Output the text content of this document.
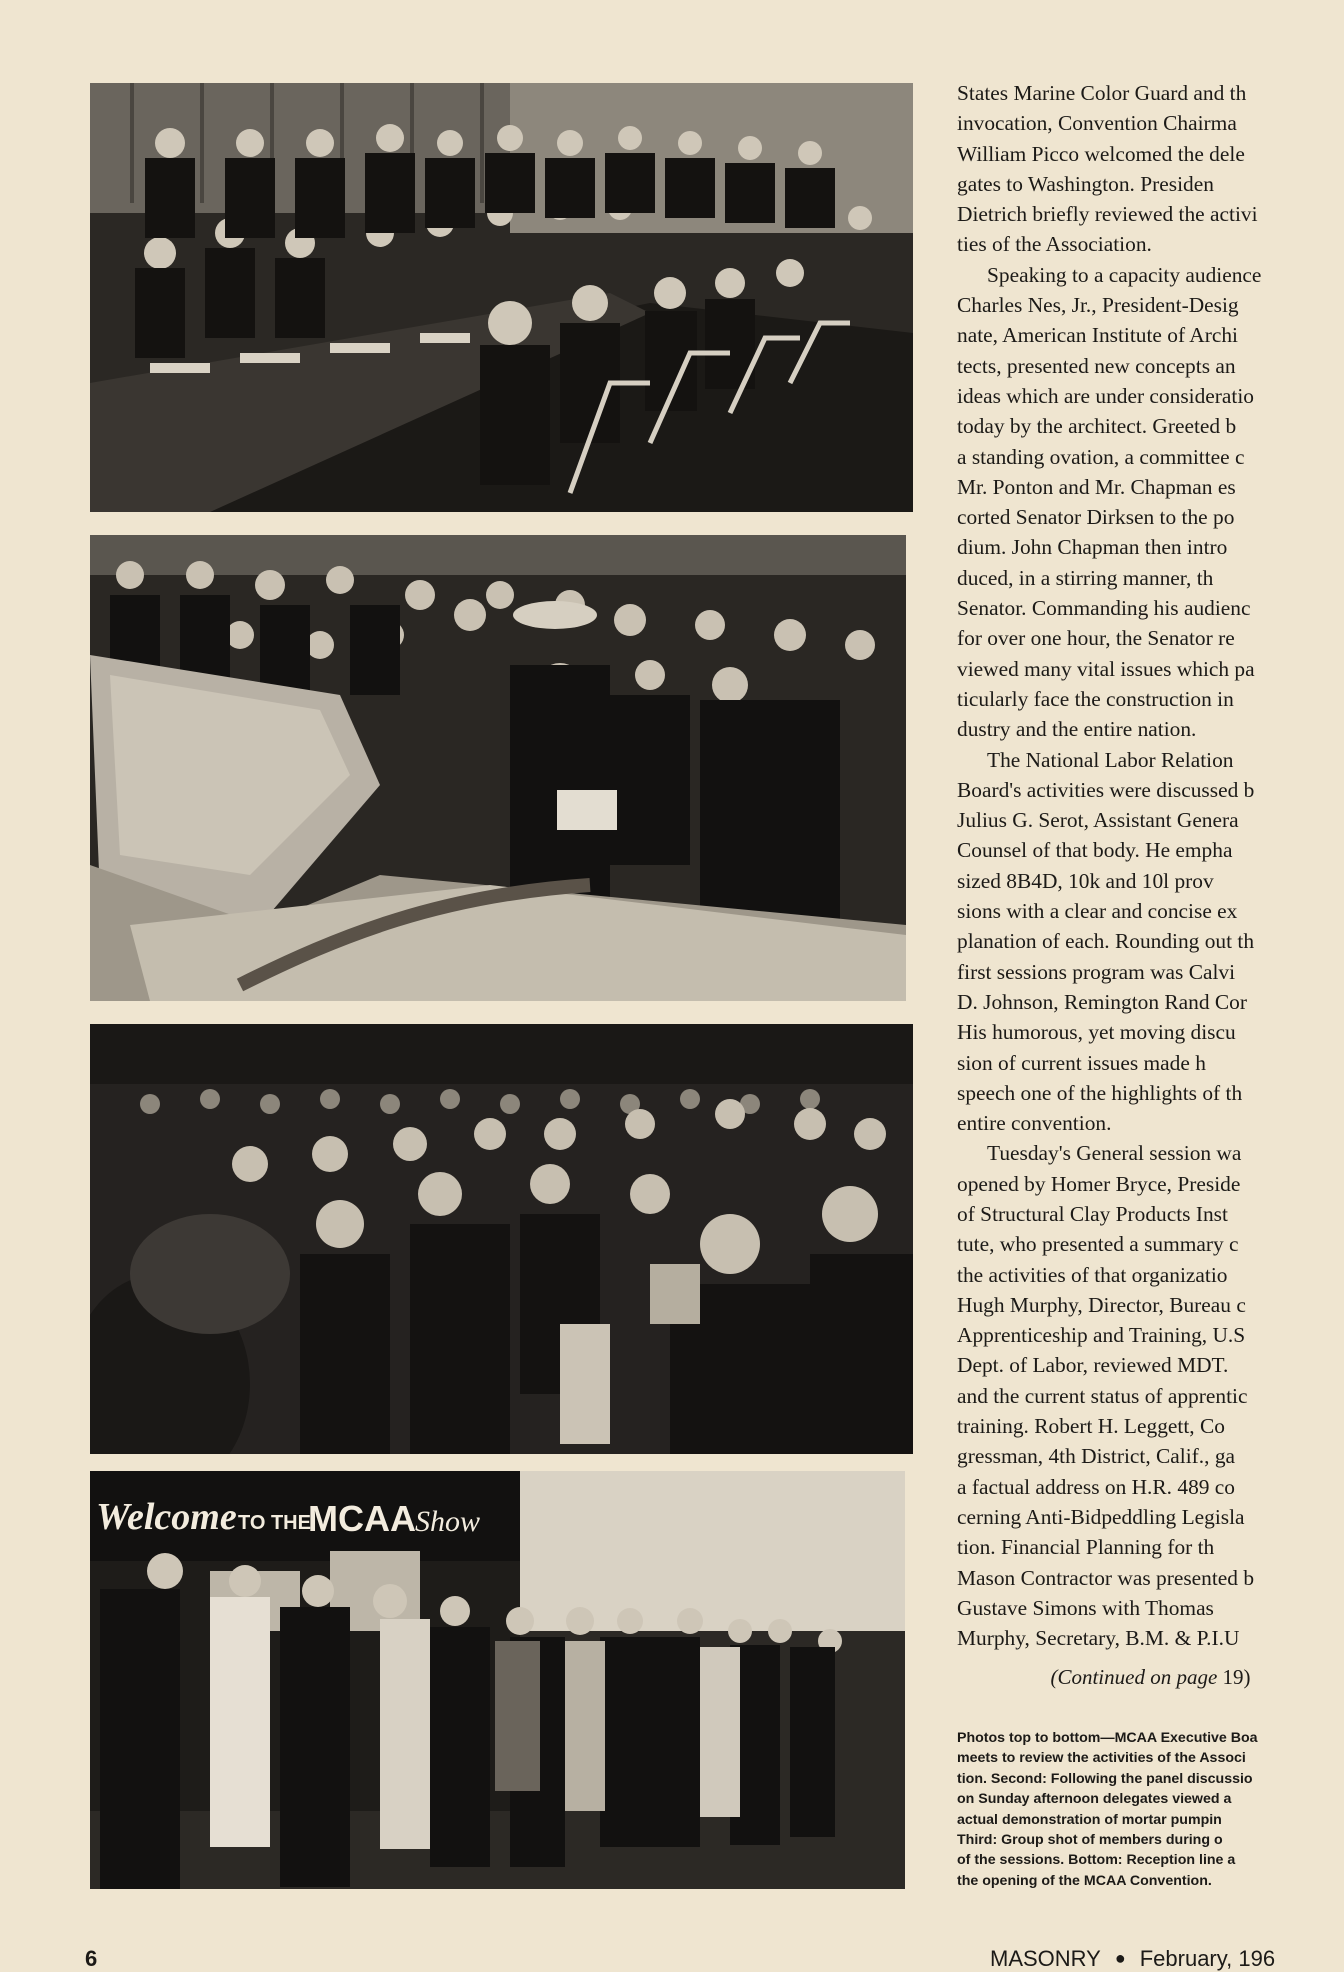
Welcome TO THE
MCAA Show
States Marine Color Guard and th
invocation, Convention Chairma
William Picco welcomed the dele
gates to Washington. Presiden
Dietrich briefly reviewed the activi
ties of the Association.
Speaking to a capacity audience
Charles Nes, Jr., President-Desig
nate, American Institute of Archi
tects, presented new concepts an
ideas which are under consideratio
today by the architect. Greeted b
a standing ovation, a committee c
Mr. Ponton and Mr. Chapman es
corted Senator Dirksen to the po
dium. John Chapman then intro
duced, in a stirring manner, th
Senator. Commanding his audienc
for over one hour, the Senator re
viewed many vital issues which pa
ticularly face the construction in
dustry and the entire nation.
The National Labor Relation
Board's activities were discussed b
Julius G. Serot, Assistant Genera
Counsel of that body. He empha
sized 8B4D, 10k and 10l prov
sions with a clear and concise ex
planation of each. Rounding out th
first sessions program was Calvi
D. Johnson, Remington Rand Cor
His humorous, yet moving discu
sion of current issues made h
speech one of the highlights of th
entire convention.
Tuesday's General session wa
opened by Homer Bryce, Preside
of Structural Clay Products Inst
tute, who presented a summary c
the activities of that organizatio
Hugh Murphy, Director, Bureau c
Apprenticeship and Training, U.S
Dept. of Labor, reviewed MDT.
and the current status of apprentic
training. Robert H. Leggett, Co
gressman, 4th District, Calif., ga
a factual address on H.R. 489 co
cerning Anti-Bidpeddling Legisla
tion. Financial Planning for th
Mason Contractor was presented b
Gustave Simons with Thomas
Murphy, Secretary, B.M. & P.I.U
(Continued on page 19)
Photos top to bottom—MCAA Executive Boa
meets to review the activities of the Associ
tion. Second: Following the panel discussio
on Sunday afternoon delegates viewed a
actual demonstration of mortar pumpin
Third: Group shot of members during o
of the sessions. Bottom: Reception line a
the opening of the MCAA Convention.
6	MASONRY ● February, 196
